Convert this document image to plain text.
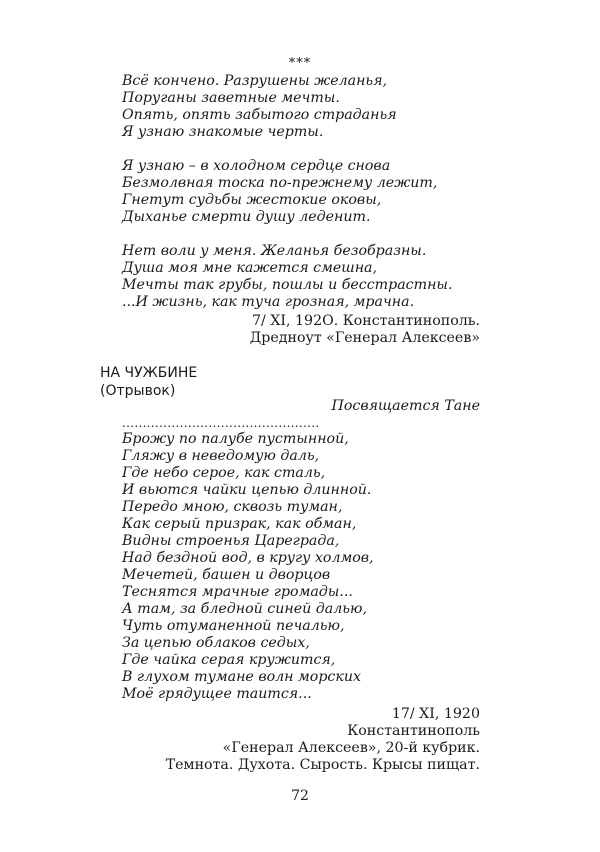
***
Всё кончено. Разрушены желанья,
Поруганы заветные мечты.
Опять, опять забытого страданья
Я узнаю знакомые черты.
Я узнаю – в холодном сердце снова
Безмолвная тоска по-прежнему лежит,
Гнетут судьбы жестокие оковы,
Дыханье смерти душу леденит.
Нет воли у меня. Желанья безобразны.
Душа моя мне кажется смешна,
Мечты так грубы, пошлы и бесстрастны.
...И жизнь, как туча грозная, мрачна.
7/ XI, 192О. Константинополь.
Дредноут «Генерал Алексеев»
НА ЧУЖБИНЕ
(Отрывок)
Посвящается Тане
................................................
Брожу по палубе пустынной,
Гляжу в неведомую даль,
Где небо серое, как сталь,
И вьются чайки цепью длинной.
Передо мною, сквозь туман,
Как серый призрак, как обман,
Видны строенья Цареграда,
Над бездной вод, в кругу холмов,
Мечетей, башен и дворцов
Теснятся мрачные громады...
А там, за бледной синей далью,
Чуть отуманенной печалью,
За цепью облаков седых,
Где чайка серая кружится,
В глухом тумане волн морских
Моё грядущее таится...
17/ XI, 1920
Константинополь
«Генерал Алексеев», 20-й кубрик.
Темнота. Духота. Сырость. Крысы пищат.
72
